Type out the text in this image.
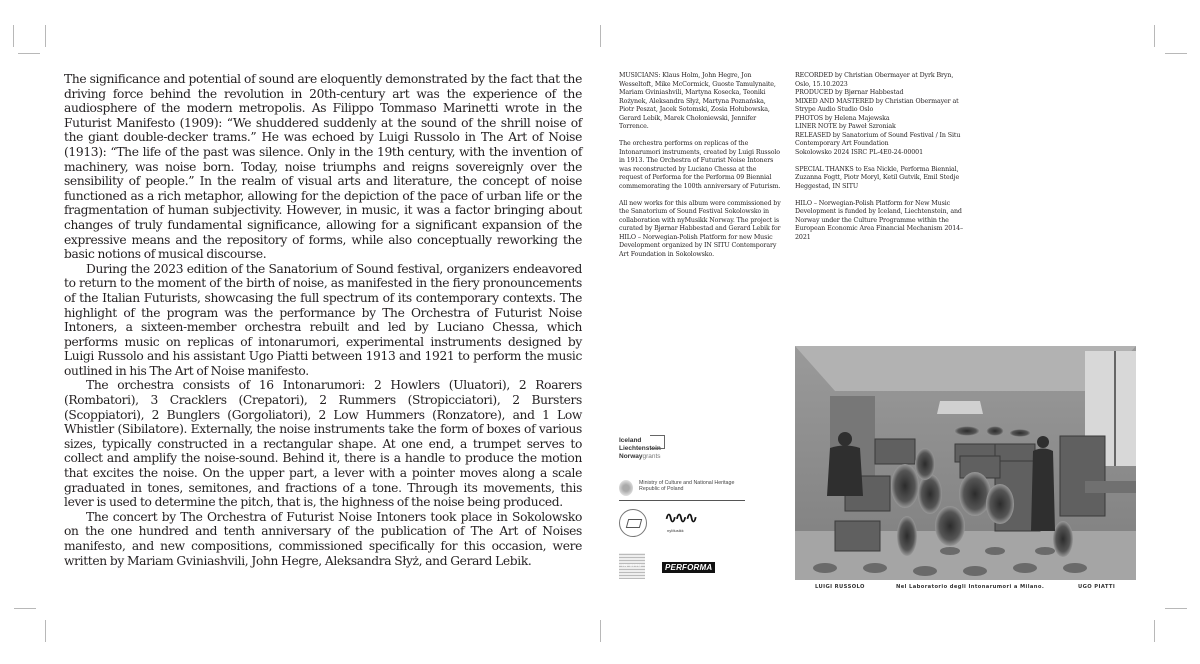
The significance and potential of sound are eloquently demonstrated by the fact that the driving force behind the revolution in 20th-century art was the experience of the audiosphere of the modern metropolis. As Filippo Tommaso Marinetti wrote in the Futurist Manifesto (1909): “We shuddered suddenly at the sound of the shrill noise of the giant double-decker trams.” He was echoed by Luigi Russolo in The Art of Noise (1913): “The life of the past was silence. Only in the 19th century, with the invention of machinery, was noise born. Today, noise triumphs and reigns sovereignly over the sensibility of people.” In the realm of visual arts and literature, the concept of noise functioned as a rich metaphor, allowing for the depiction of the pace of urban life or the fragmentation of human subjectivity. However, in music, it was a factor bringing about changes of truly fundamental significance, allowing for a significant expansion of the expressive means and the repository of forms, while also conceptually reworking the basic notions of musical discourse.

During the 2023 edition of the Sanatorium of Sound festival, organizers endeavored to return to the moment of the birth of noise, as manifested in the fiery pronouncements of the Italian Futurists, showcasing the full spectrum of its contemporary contexts. The highlight of the program was the performance by The Orchestra of Futurist Noise Intoners, a sixteen-member orchestra rebuilt and led by Luciano Chessa, which performs music on replicas of intonarumori, experimental instruments designed by Luigi Russolo and his assistant Ugo Piatti between 1913 and 1921 to perform the music outlined in his The Art of Noise manifesto.

The orchestra consists of 16 Intonarumori: 2 Howlers (Uluatori), 2 Roarers (Rombatori), 3 Cracklers (Crepatori), 2 Rummers (Stropicciatori), 2 Bursters (Scoppiatori), 2 Bunglers (Gorgoliatori), 2 Low Hummers (Ronzatore), and 1 Low Whistler (Sibilatore). Externally, the noise instruments take the form of boxes of various sizes, typically constructed in a rectangular shape. At one end, a trumpet serves to collect and amplify the noise-sound. Behind it, there is a handle to produce the motion that excites the noise. On the upper part, a lever with a pointer moves along a scale graduated in tones, semitones, and fractions of a tone. Through its movements, this lever is used to determine the pitch, that is, the highness of the noise being produced.

The concert by The Orchestra of Futurist Noise Intoners took place in Sokolowsko on the one hundred and tenth anniversary of the publication of The Art of Noises manifesto, and new compositions, commissioned specifically for this occasion, were written by Mariam Gviniashvili, John Hegre, Aleksandra Słyż, and Gerard Lebik.

MUSICIANS: Klaus Holm, John Hegre, Jon Wesseltoft, Mike McCormick, Guoste Tamulynaite, Mariam Gviniashvili, Martyna Kosecka, Teoniki Rożynek, Aleksandra Słyż, Martyna Poznańska, Piotr Peszat, Jacek Sotomski, Zosia Hołubowska, Gerard Lebik, Marek Chołoniewski, Jennifer Torrence.

The orchestra performs on replicas of the Intonarumori instruments, created by Luigi Russolo in 1913. The Orchestra of Futurist Noise Intoners was reconstructed by Luciano Chessa at the request of Performa for the Performa 09 Biennial commemorating the 100th anniversary of Futurism.

All new works for this album were commissioned by the Sanatorium of Sound Festival Sokolowsko in collaboration with nyMusikk Norway. The project is curated by Bjørnar Habbestad and Gerard Lebik for HILO – Norwegian-Polish Platform for new Music Development organized by IN SITU Contemporary Art Foundation in Sokolowsko.

RECORDED by Christian Obermayer at Dyrk Bryn, Oslo, 15.10.2023
PRODUCED by Bjørnar Habbestad
MIXED AND MASTERED by Christian Obermayer at Strype Audio Studio Oslo
PHOTOS by Helena Majewska
LINER NOTE by Paweł Szroniak
RELEASED by Sanatorium of Sound Festival / In Situ Contemporary Art Foundation
Sokolowsko 2024 ISRC PL-4E0-24-00001

SPECIAL THANKS to Esa Nickle, Performa Biennial, Zuzanna Fogtt, Piotr Moryl, Ketil Gutvik, Emil Stedje Heggestad, IN SITU

HILO – Norwegian-Polish Platform for New Music Development is funded by Iceland, Liechtenstein, and Norway under the Culture Programme within the European Economic Area Financial Mechanism 2014–2021

Iceland
Liechtenstein
Norwaygrants
Ministry of Culture and National Heritage
Republic of Poland
∿∿∿
nyMusikk
IN SITU	PERFORMA
LUIGI RUSSOLO	Nel Laboratorio degli Intonarumori a Milano.	UGO PIATTI
